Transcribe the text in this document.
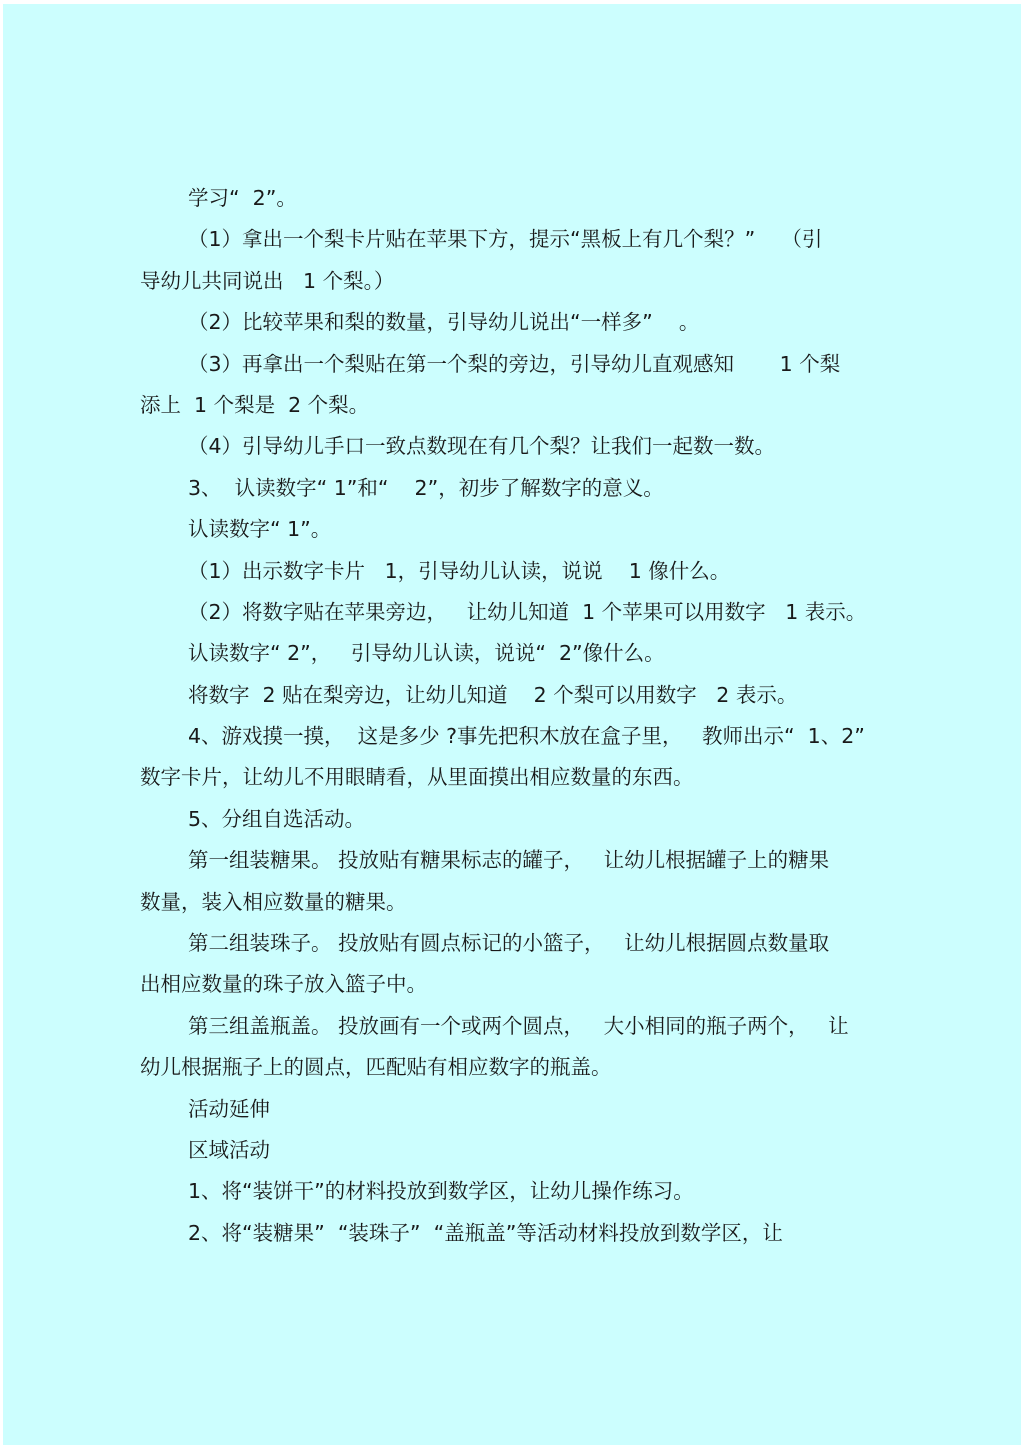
学习“  2”。
（1）拿出一个梨卡片贴在苹果下方，提示“黑板上有几个梨？”    （引
导幼儿共同说出   1 个梨。）
（2）比较苹果和梨的数量，引导幼儿说出“一样多”    。
（3）再拿出一个梨贴在第一个梨的旁边，引导幼儿直观感知       1 个梨
添上  1 个梨是  2 个梨。
（4）引导幼儿手口一致点数现在有几个梨？让我们一起数一数。
3、  认读数字“ 1”和“    2”，初步了解数字的意义。
认读数字“ 1”。
（1）出示数字卡片   1，引导幼儿认读，说说    1 像什么。
（2）将数字贴在苹果旁边，   让幼儿知道  1 个苹果可以用数字   1 表示。
认读数字“ 2”，   引导幼儿认读，说说“  2”像什么。
将数字  2 贴在梨旁边，让幼儿知道    2 个梨可以用数字   2 表示。
4、游戏摸一摸，  这是多少 ?事先把积木放在盒子里，   教师出示“  1、2”
数字卡片，让幼儿不用眼睛看，从里面摸出相应数量的东西。
5、分组自选活动。
第一组装糖果。 投放贴有糖果标志的罐子，   让幼儿根据罐子上的糖果
数量，装入相应数量的糖果。
第二组装珠子。 投放贴有圆点标记的小篮子，   让幼儿根据圆点数量取
出相应数量的珠子放入篮子中。
第三组盖瓶盖。 投放画有一个或两个圆点，   大小相同的瓶子两个，   让
幼儿根据瓶子上的圆点，匹配贴有相应数字的瓶盖。
活动延伸
区域活动
1、将“装饼干”的材料投放到数学区，让幼儿操作练习。
2、将“装糖果”  “装珠子”  “盖瓶盖”等活动材料投放到数学区，让
